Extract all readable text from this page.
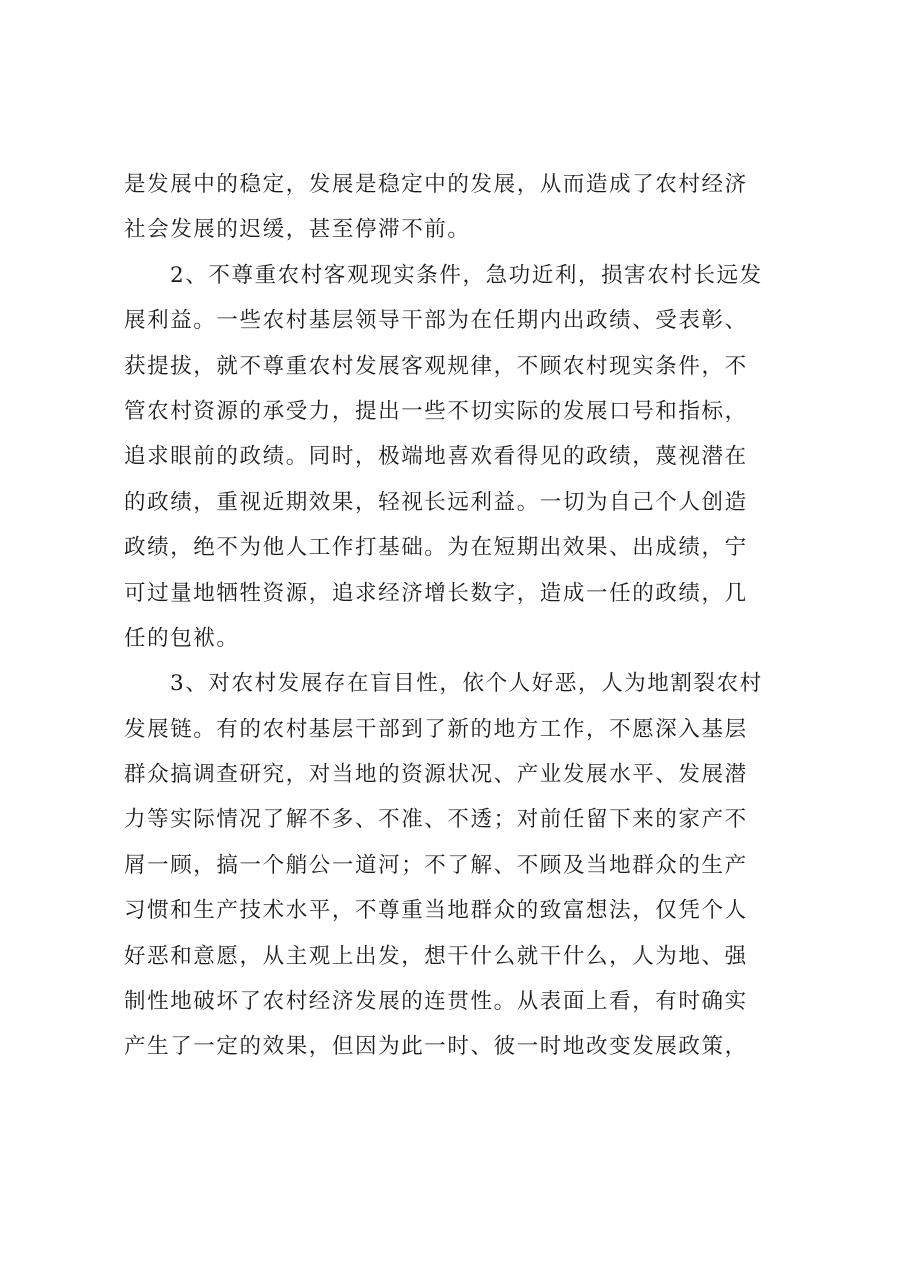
是发展中的稳定，发展是稳定中的发展，从而造成了农村经济
社会发展的迟缓，甚至停滞不前。
2、不尊重农村客观现实条件，急功近利，损害农村长远发
展利益。一些农村基层领导干部为在任期内出政绩、受表彰、
获提拔，就不尊重农村发展客观规律，不顾农村现实条件，不
管农村资源的承受力，提出一些不切实际的发展口号和指标，
追求眼前的政绩。同时，极端地喜欢看得见的政绩，蔑视潜在
的政绩，重视近期效果，轻视长远利益。一切为自己个人创造
政绩，绝不为他人工作打基础。为在短期出效果、出成绩，宁
可过量地牺牲资源，追求经济增长数字，造成一任的政绩，几
任的包袱。
3、对农村发展存在盲目性，依个人好恶，人为地割裂农村
发展链。有的农村基层干部到了新的地方工作，不愿深入基层
群众搞调查研究，对当地的资源状况、产业发展水平、发展潜
力等实际情况了解不多、不准、不透；对前任留下来的家产不
屑一顾，搞一个艄公一道河；不了解、不顾及当地群众的生产
习惯和生产技术水平，不尊重当地群众的致富想法，仅凭个人
好恶和意愿，从主观上出发，想干什么就干什么，人为地、强
制性地破坏了农村经济发展的连贯性。从表面上看，有时确实
产生了一定的效果，但因为此一时、彼一时地改变发展政策，
